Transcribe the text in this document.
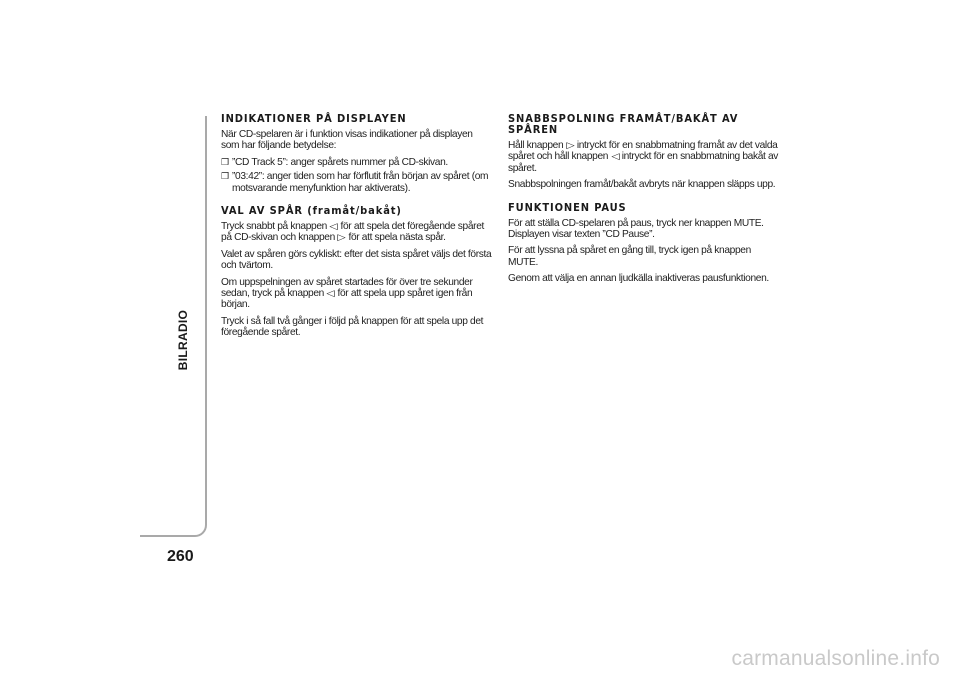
BILRADIO
260
INDIKATIONER PÅ DISPLAYEN

När CD-spelaren är i funktion visas indikationer på displayen som har följande betydelse:

❒ ”CD Track 5”: anger spårets nummer på CD-skivan.
❒ ”03:42”: anger tiden som har förflutit från början av spåret (om motsvarande menyfunktion har aktiverats).
VAL AV SPÅR (framåt/bakåt)

Tryck snabbt på knappen ◁ för att spela det föregående spåret på CD-skivan och knappen ▷ för att spela nästa spår.

Valet av spåren görs cykliskt: efter det sista spåret väljs det första och tvärtom.

Om uppspelningen av spåret startades för över tre sekunder sedan, tryck på knappen ◁ för att spela upp spåret igen från början.

Tryck i så fall två gånger i följd på knappen för att spela upp det föregående spåret.

SNABBSPOLNING FRAMÅT/BAKÅT AV SPÅREN

Håll knappen ▷ intryckt för en snabbmatning framåt av det valda spåret och håll knappen ◁ intryckt för en snabbmatning bakåt av spåret.

Snabbspolningen framåt/bakåt avbryts när knappen släpps upp.

FUNKTIONEN PAUS

För att ställa CD-spelaren på paus, tryck ner knappen MUTE. Displayen visar texten ”CD Pause”.

För att lyssna på spåret en gång till, tryck igen på knappen MUTE.

Genom att välja en annan ljudkälla inaktiveras pausfunktionen.

carmanualsonline.info
